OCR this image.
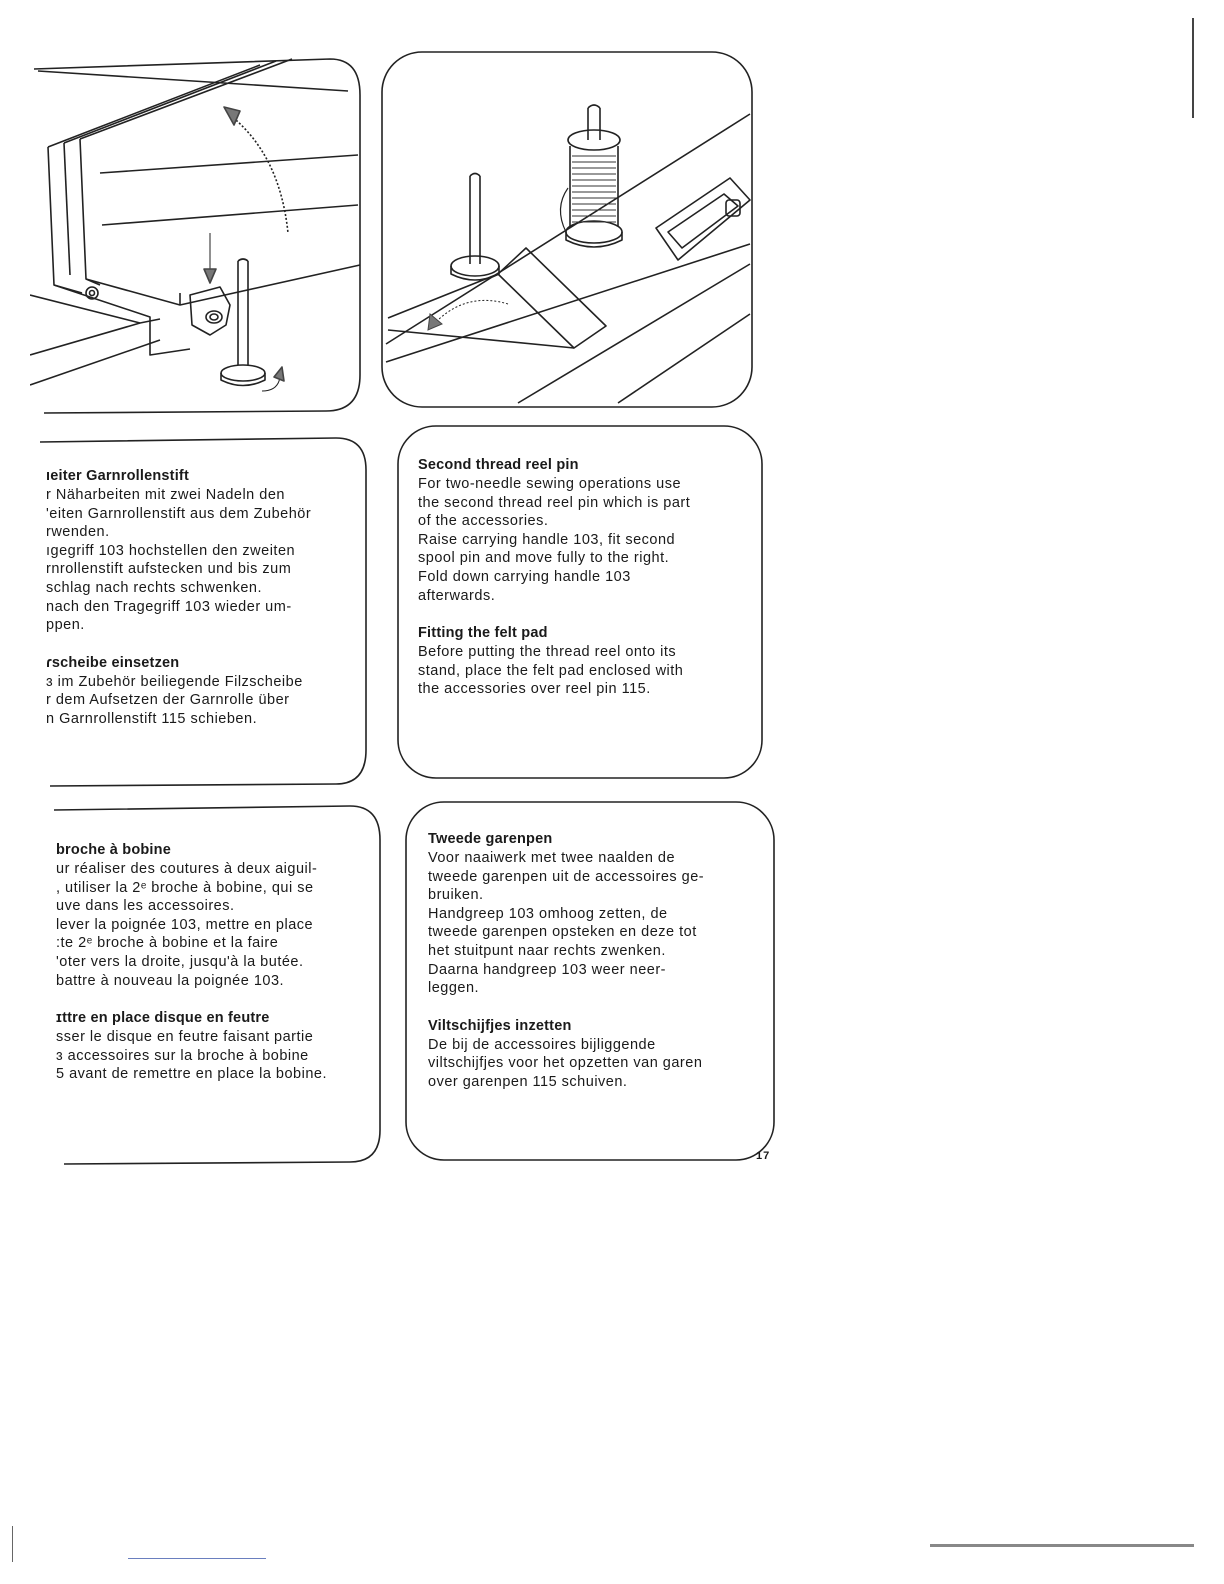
ıeiter Garnrollenstift
r Näharbeiten mit zwei Nadeln den
'eiten Garnrollenstift aus dem Zubehör
rwenden.
ıgegriff 103 hochstellen den zweiten
rnrollenstift aufstecken und bis zum
schlag nach rechts schwenken.
nach den Tragegriff 103 wieder um-
ppen.
ɾscheibe einsetzen
ɜ im Zubehör beiliegende Filzscheibe
r dem Aufsetzen der Garnrolle über
n Garnrollenstift 115 schieben.
Second thread reel pin
For two-needle sewing operations use
the second thread reel pin which is part
of the accessories.
Raise carrying handle 103, fit second
spool pin and move fully to the right.
Fold down carrying handle 103
afterwards.
Fitting the felt pad
Before putting the thread reel onto its
stand, place the felt pad enclosed with
the accessories over reel pin 115.
broche à bobine
ur réaliser des coutures à deux aiguil-
, utiliser la 2ᵉ broche à bobine, qui se
uve dans les accessoires.
lever la poignée 103, mettre en place
:te 2ᵉ broche à bobine et la faire
'oter vers la droite, jusqu'à la butée.
battre à nouveau la poignée 103.
ɪttre en place disque en feutre
sser le disque en feutre faisant partie
ɜ accessoires sur la broche à bobine
5 avant de remettre en place la bobine.
Tweede garenpen
Voor naaiwerk met twee naalden de
tweede garenpen uit de accessoires ge-
bruiken.
Handgreep 103 omhoog zetten, de
tweede garenpen opsteken en deze tot
het stuitpunt naar rechts zwenken.
Daarna handgreep 103 weer neer-
leggen.
Viltschijfjes inzetten
De bij de accessoires bijliggende
viltschijfjes voor het opzetten van garen
over garenpen 115 schuiven.
17
